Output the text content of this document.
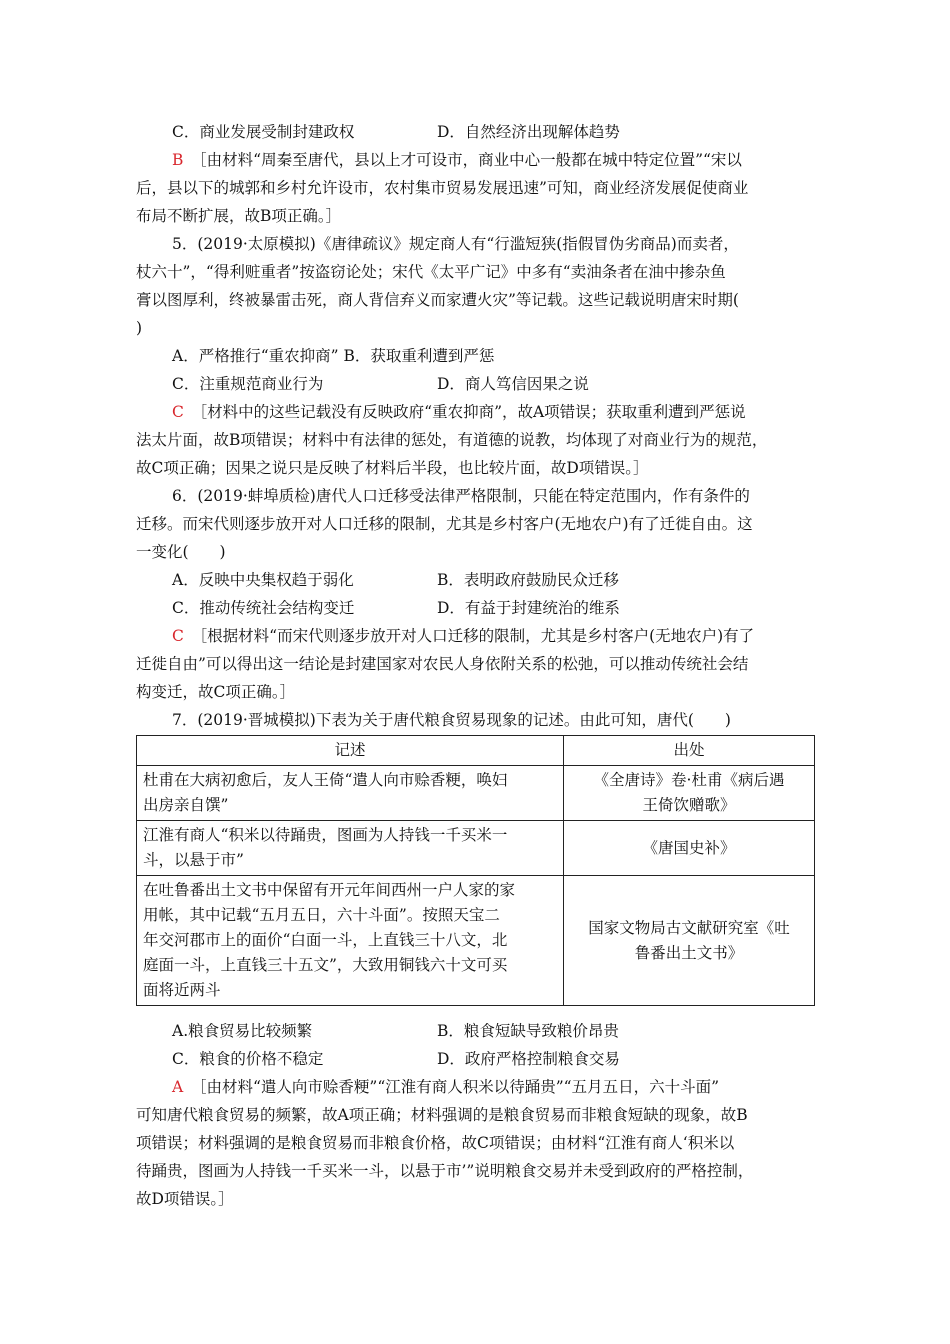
C．商业发展受制封建政权	D．自然经济出现解体趋势
B　 ［由材料“周秦至唐代，县以上才可设市，商业中心一般都在城中特定位置”“宋以
后，县以下的城郭和乡村允许设市，农村集市贸易发展迅速”可知，商业经济发展促使商业
布局不断扩展，故B项正确。］
5．(2019·太原模拟)《唐律疏议》规定商人有“行滥短狭(指假冒伪劣商品)而卖者，
杖六十”，“得利赃重者”按盗窃论处；宋代《太平广记》中多有“卖油条者在油中掺杂鱼
膏以图厚利，终被暴雷击死，商人背信弃义而家遭火灾”等记载。这些记载说明唐宋时期(
)
A．严格推行“重农抑商” B．获取重利遭到严惩
C．注重规范商业行为	D．商人笃信因果之说
C　 ［材料中的这些记载没有反映政府“重农抑商”，故A项错误；获取重利遭到严惩说
法太片面，故B项错误；材料中有法律的惩处，有道德的说教，均体现了对商业行为的规范，
故C项正确；因果之说只是反映了材料后半段，也比较片面，故D项错误。］
6．(2019·蚌埠质检)唐代人口迁移受法律严格限制，只能在特定范围内，作有条件的
迁移。而宋代则逐步放开对人口迁移的限制，尤其是乡村客户(无地农户)有了迁徙自由。这
一变化(　　)
A．反映中央集权趋于弱化	B．表明政府鼓励民众迁移
C．推动传统社会结构变迁	D．有益于封建统治的维系
C　 ［根据材料“而宋代则逐步放开对人口迁移的限制，尤其是乡村客户(无地农户)有了
迁徙自由”可以得出这一结论是封建国家对农民人身依附关系的松弛，可以推动传统社会结
构变迁，故C项正确。］
7．(2019·晋城模拟)下表为关于唐代粮食贸易现象的记述。由此可知，唐代(　　)
记述	出处
杜甫在大病初愈后，友人王倚“遣人向市赊香粳，唤妇
出房亲自馔”	《全唐诗》卷·杜甫《病后遇
王倚饮赠歌》
江淮有商人“积米以待踊贵，图画为人持钱一千买米一
斗，以悬于市”	《唐国史补》
在吐鲁番出土文书中保留有开元年间西州一户人家的家
用帐，其中记载“五月五日，六十斗面”。按照天宝二
年交河郡市上的面价“白面一斗，上直钱三十八文，北
庭面一斗，上直钱三十五文”，大致用铜钱六十文可买
面将近两斗	国家文物局古文献研究室《吐
鲁番出土文书》
A.粮食贸易比较频繁	B．粮食短缺导致粮价昂贵
C．粮食的价格不稳定	D．政府严格控制粮食交易
A　 ［由材料“遣人向市赊香粳”“江淮有商人积米以待踊贵”“五月五日，六十斗面”
可知唐代粮食贸易的频繁，故A项正确；材料强调的是粮食贸易而非粮食短缺的现象，故B
项错误；材料强调的是粮食贸易而非粮食价格，故C项错误；由材料“江淮有商人‘积米以
待踊贵，图画为人持钱一千买米一斗，以悬于市’”说明粮食交易并未受到政府的严格控制，
故D项错误。］
